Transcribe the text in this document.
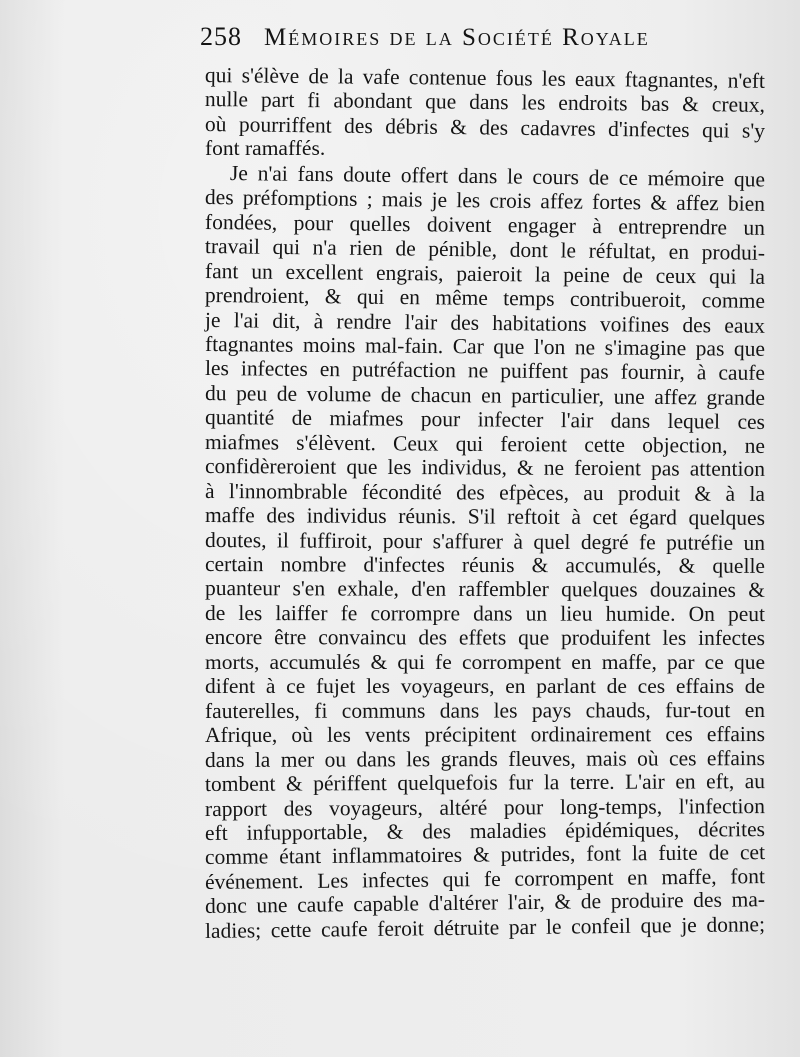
258 Mémoires de la Société Royale
qui s'élève de la vafe contenue fous les eaux ftagnantes, n'eft
nulle part fi abondant que dans les endroits bas & creux,
où pourriffent des débris & des cadavres d'infectes qui s'y
font ramaffés.
Je n'ai fans doute offert dans le cours de ce mémoire que
des préfomptions ; mais je les crois affez fortes & affez bien
fondées, pour quelles doivent engager à entreprendre un
travail qui n'a rien de pénible, dont le réfultat, en produi-
fant un excellent engrais, paieroit la peine de ceux qui la
prendroient, & qui en même temps contribueroit, comme
je l'ai dit, à rendre l'air des habitations voifines des eaux
ftagnantes moins mal-fain. Car que l'on ne s'imagine pas que
les infectes en putréfaction ne puiffent pas fournir, à caufe
du peu de volume de chacun en particulier, une affez grande
quantité de miafmes pour infecter l'air dans lequel ces
miafmes s'élèvent. Ceux qui feroient cette objection, ne
confidèreroient que les individus, & ne feroient pas attention
à l'innombrable fécondité des efpèces, au produit & à la
maffe des individus réunis. S'il reftoit à cet égard quelques
doutes, il fuffiroit, pour s'affurer à quel degré fe putréfie un
certain nombre d'infectes réunis & accumulés, & quelle
puanteur s'en exhale, d'en raffembler quelques douzaines &
de les laiffer fe corrompre dans un lieu humide. On peut
encore être convaincu des effets que produifent les infectes
morts, accumulés & qui fe corrompent en maffe, par ce que
difent à ce fujet les voyageurs, en parlant de ces effains de
fauterelles, fi communs dans les pays chauds, fur-tout en
Afrique, où les vents précipitent ordinairement ces effains
dans la mer ou dans les grands fleuves, mais où ces effains
tombent & périffent quelquefois fur la terre. L'air en eft, au
rapport des voyageurs, altéré pour long-temps, l'infection
eft infupportable, & des maladies épidémiques, décrites
comme étant inflammatoires & putrides, font la fuite de cet
événement. Les infectes qui fe corrompent en maffe, font
donc une caufe capable d'altérer l'air, & de produire des ma-
ladies; cette caufe feroit détruite par le confeil que je donne;
